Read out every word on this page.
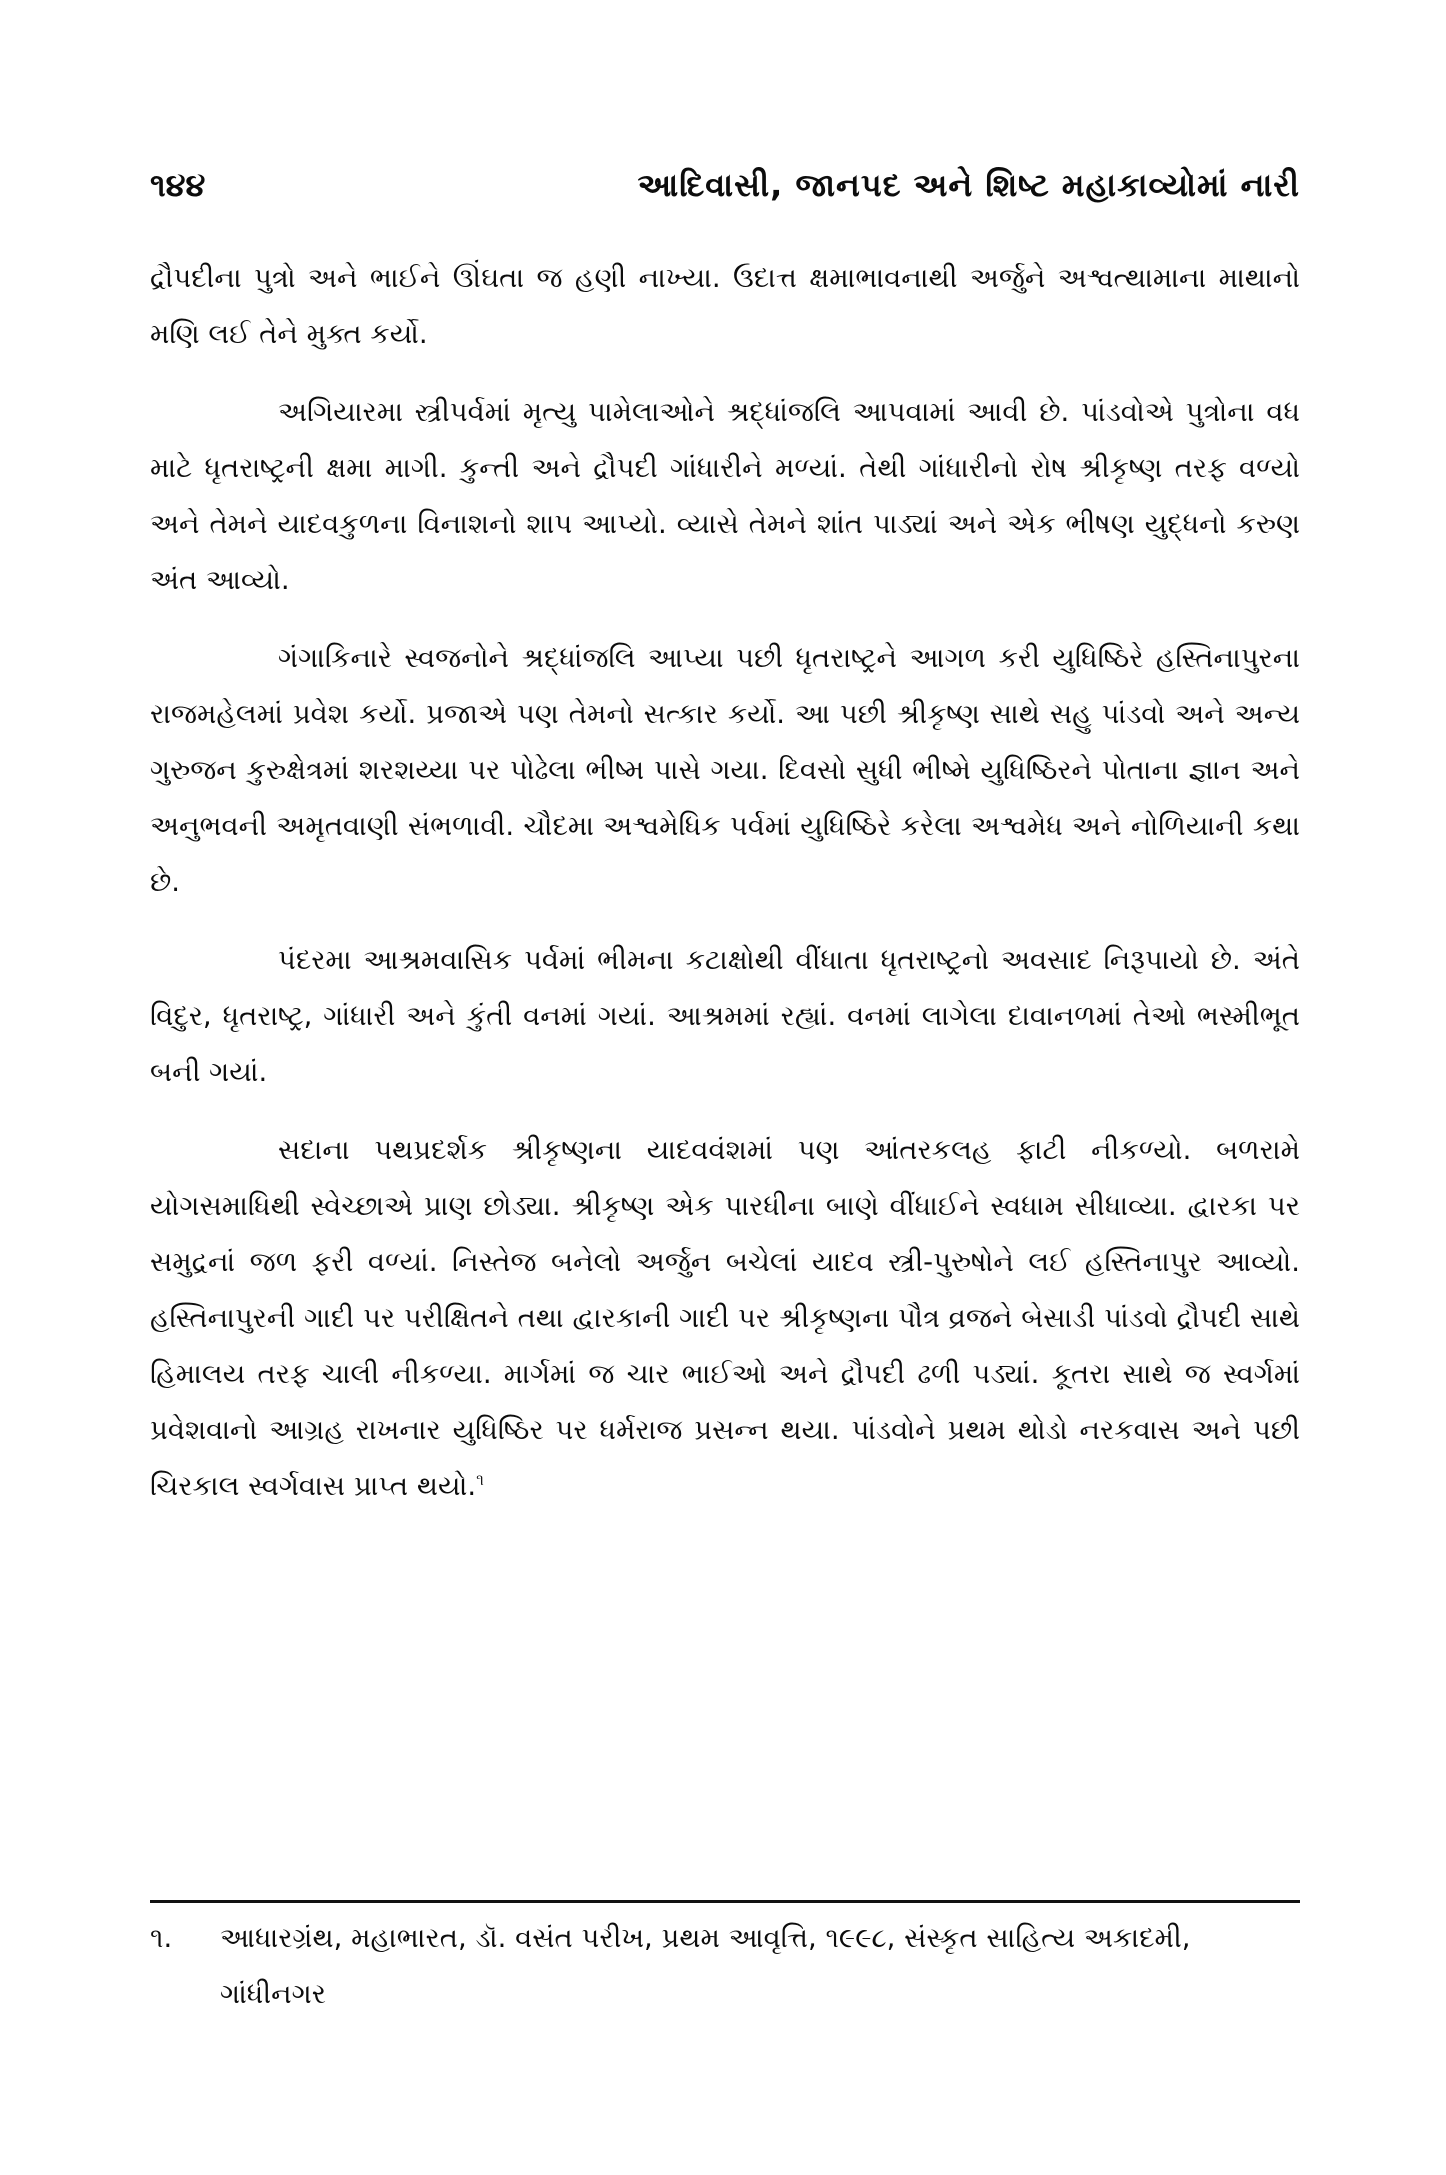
૧૪૪	આદિવાસી, જાનપદ અને શિષ્ટ મહાકાવ્યોમાં નારી

દ્રૌપદીના પુત્રો અને ભાઈને ઊંઘતા જ હણી નાખ્યા. ઉદાત્ત ક્ષમાભાવનાથી અર્જુને અશ્વત્થામાના માથાનો મણિ લઈ તેને મુક્ત કર્યો.

અગિયારમા સ્ત્રીપર્વમાં મૃત્યુ પામેલાઓને શ્રદ્ધાંજલિ આપવામાં આવી છે. પાંડવોએ પુત્રોના વધ માટે ધૃતરાષ્ટ્રની ક્ષમા માગી. કુન્તી અને દ્રૌપદી ગાંધારીને મળ્યાં. તેથી ગાંધારીનો રોષ શ્રીકૃષ્ણ તરફ વળ્યો અને તેમને યાદવકુળના વિનાશનો શાપ આપ્યો. વ્યાસે તેમને શાંત પાડ્યાં અને એક ભીષણ યુદ્ધનો કરુણ અંત આવ્યો.

ગંગાકિનારે સ્વજનોને શ્રદ્ધાંજલિ આપ્યા પછી ધૃતરાષ્ટ્રને આગળ કરી યુધિષ્ઠિરે હસ્તિનાપુરના રાજમહેલમાં પ્રવેશ કર્યો. પ્રજાએ પણ તેમનો સત્કાર કર્યો. આ પછી શ્રીકૃષ્ણ સાથે સહુ પાંડવો અને અન્ય ગુરુજન કુરુક્ષેત્રમાં શરશય્યા પર પોઢેલા ભીષ્મ પાસે ગયા. દિવસો સુધી ભીષ્મે યુધિષ્ઠિરને પોતાના જ્ઞાન અને અનુભવની અમૃતવાણી સંભળાવી. ચૌદમા અશ્વમેધિક પર્વમાં યુધિષ્ઠિરે કરેલા અશ્વમેધ અને નોળિયાની કથા છે.

પંદરમા આશ્રમવાસિક પર્વમાં ભીમના કટાક્ષોથી વીંધાતા ધૃતરાષ્ટ્રનો અવસાદ નિરૂપાયો છે. અંતે વિદુર, ધૃતરાષ્ટ્ર, ગાંધારી અને કુંતી વનમાં ગયાં. આશ્રમમાં રહ્યાં. વનમાં લાગેલા દાવાનળમાં તેઓ ભસ્મીભૂત બની ગયાં.

સદાના પથપ્રદર્શક શ્રીકૃષ્ણના યાદવવંશમાં પણ આંતરકલહ ફાટી નીકળ્યો. બળરામે યોગસમાધિથી સ્વેચ્છાએ પ્રાણ છોડ્યા. શ્રીકૃષ્ણ એક પારધીના બાણે વીંધાઈને સ્વધામ સીધાવ્યા. દ્વારકા પર સમુદ્રનાં જળ ફરી વળ્યાં. નિસ્તેજ બનેલો અર્જુન બચેલાં યાદવ સ્ત્રી-પુરુષોને લઈ હસ્તિનાપુર આવ્યો. હસ્તિનાપુરની ગાદી પર પરીક્ષિતને તથા દ્વારકાની ગાદી પર શ્રીકૃષ્ણના પૌત્ર વ્રજને બેસાડી પાંડવો દ્રૌપદી સાથે હિમાલય તરફ ચાલી નીકળ્યા. માર્ગમાં જ ચાર ભાઈઓ અને દ્રૌપદી ઢળી પડ્યાં. કૂતરા સાથે જ સ્વર્ગમાં પ્રવેશવાનો આગ્રહ રાખનાર યુધિષ્ઠિર પર ધર્મરાજ પ્રસન્ન થયા. પાંડવોને પ્રથમ થોડો નરકવાસ અને પછી ચિરકાલ સ્વર્ગવાસ પ્રાપ્ત થયો.$^૧$

૧.	આધારગ્રંથ, મહાભારત, ડૉ. વસંત પરીખ, પ્રથમ આવૃત્તિ, ૧૯૯૮, સંસ્કૃત સાહિત્ય અકાદમી, ગાંધીનગર
